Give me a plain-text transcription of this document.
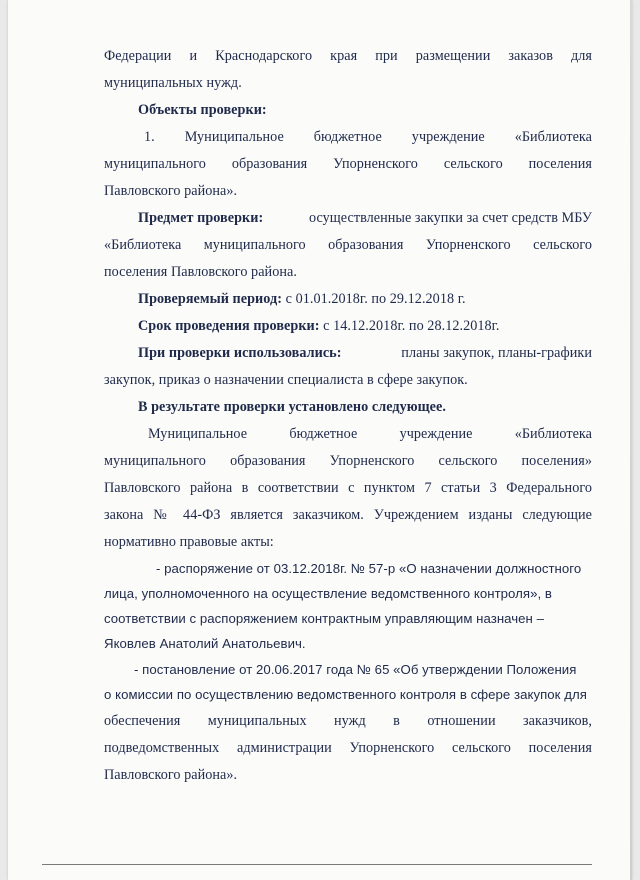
Федерации и Краснодарского края при размещении заказов для
муниципальных нужд.
Объекты проверки:
1. Муниципальное бюджетное учреждение «Библиотека
муниципального образования Упорненского сельского поселения
Павловского района».
Предмет проверки:	осуществленные закупки за счет средств МБУ
«Библиотека муниципального образования Упорненского сельского
поселения Павловского района.
Проверяемый период: с 01.01.2018г. по 29.12.2018 г.
Срок проведения проверки: с 14.12.2018г. по 28.12.2018г.
При проверки использовались:	планы закупок, планы-графики
закупок, приказ о назначении специалиста в сфере закупок.
В результате проверки установлено следующее.
Муниципальное бюджетное учреждение «Библиотека
муниципального образования Упорненского сельского поселения»
Павловского района в соответствии с пунктом 7 статьи 3 Федерального
закона № 44-ФЗ является заказчиком. Учреждением изданы следующие
нормативно правовые акты:
- распоряжение от 03.12.2018г. № 57-р «О назначении должностного
лица, уполномоченного на осуществление ведомственного контроля», в
соответствии с распоряжением контрактным управляющим назначен –
Яковлев Анатолий Анатольевич.
- постановление от 20.06.2017 года № 65 «Об утверждении Положения
о комиссии по осуществлению ведомственного контроля в сфере закупок для
обеспечения муниципальных нужд в отношении заказчиков,
подведомственных администрации Упорненского сельского поселения
Павловского района».
